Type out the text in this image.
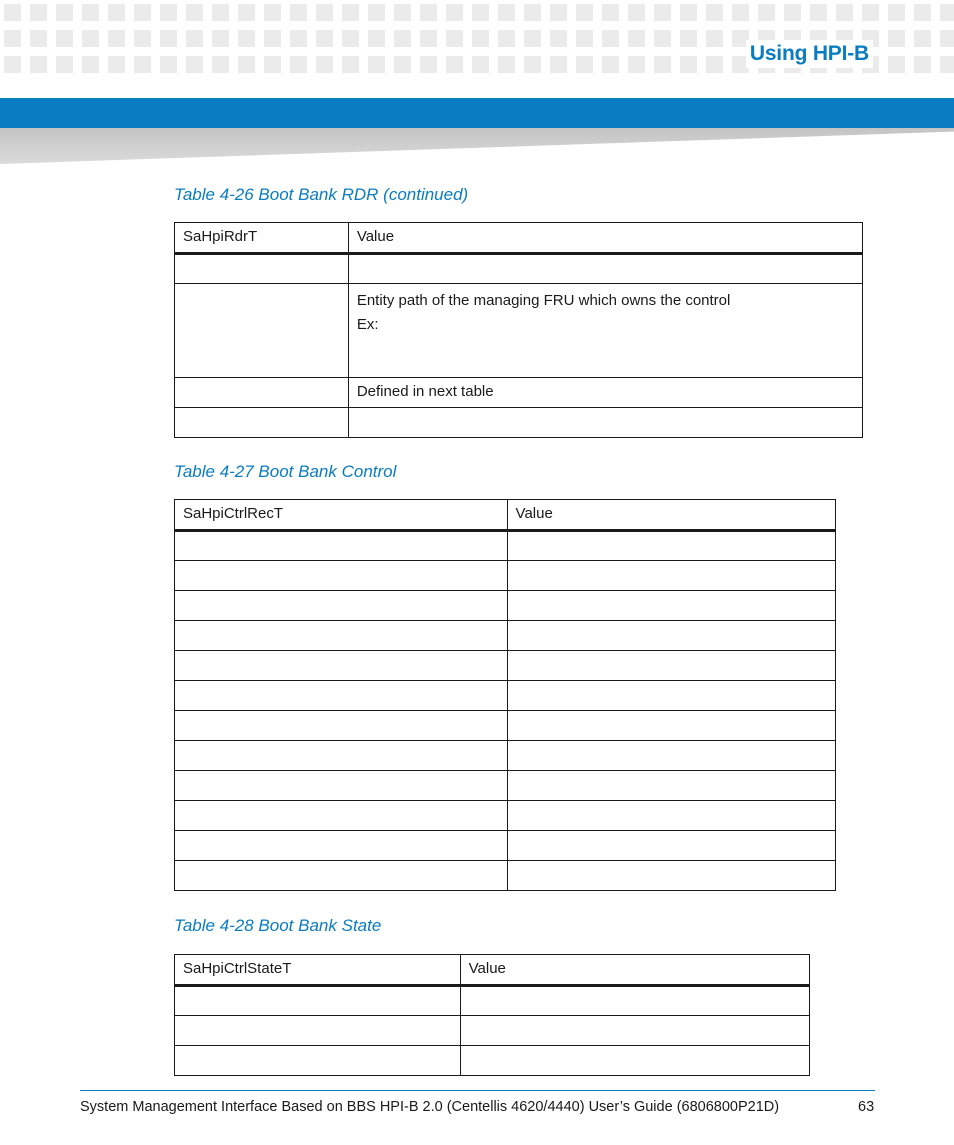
Using HPI-B
Table 4-26 Boot Bank RDR (continued)
SaHpiRdrT	Value

	Entity path of the managing FRU which owns the control
Ex:

	Defined in next table

Table 4-27 Boot Bank Control
SaHpiCtrlRecT	Value

Table 4-28 Boot Bank State
SaHpiCtrlStateT	Value

System Management Interface Based on BBS HPI-B 2.0 (Centellis 4620/4440) User’s Guide (6806800P21D)	63
